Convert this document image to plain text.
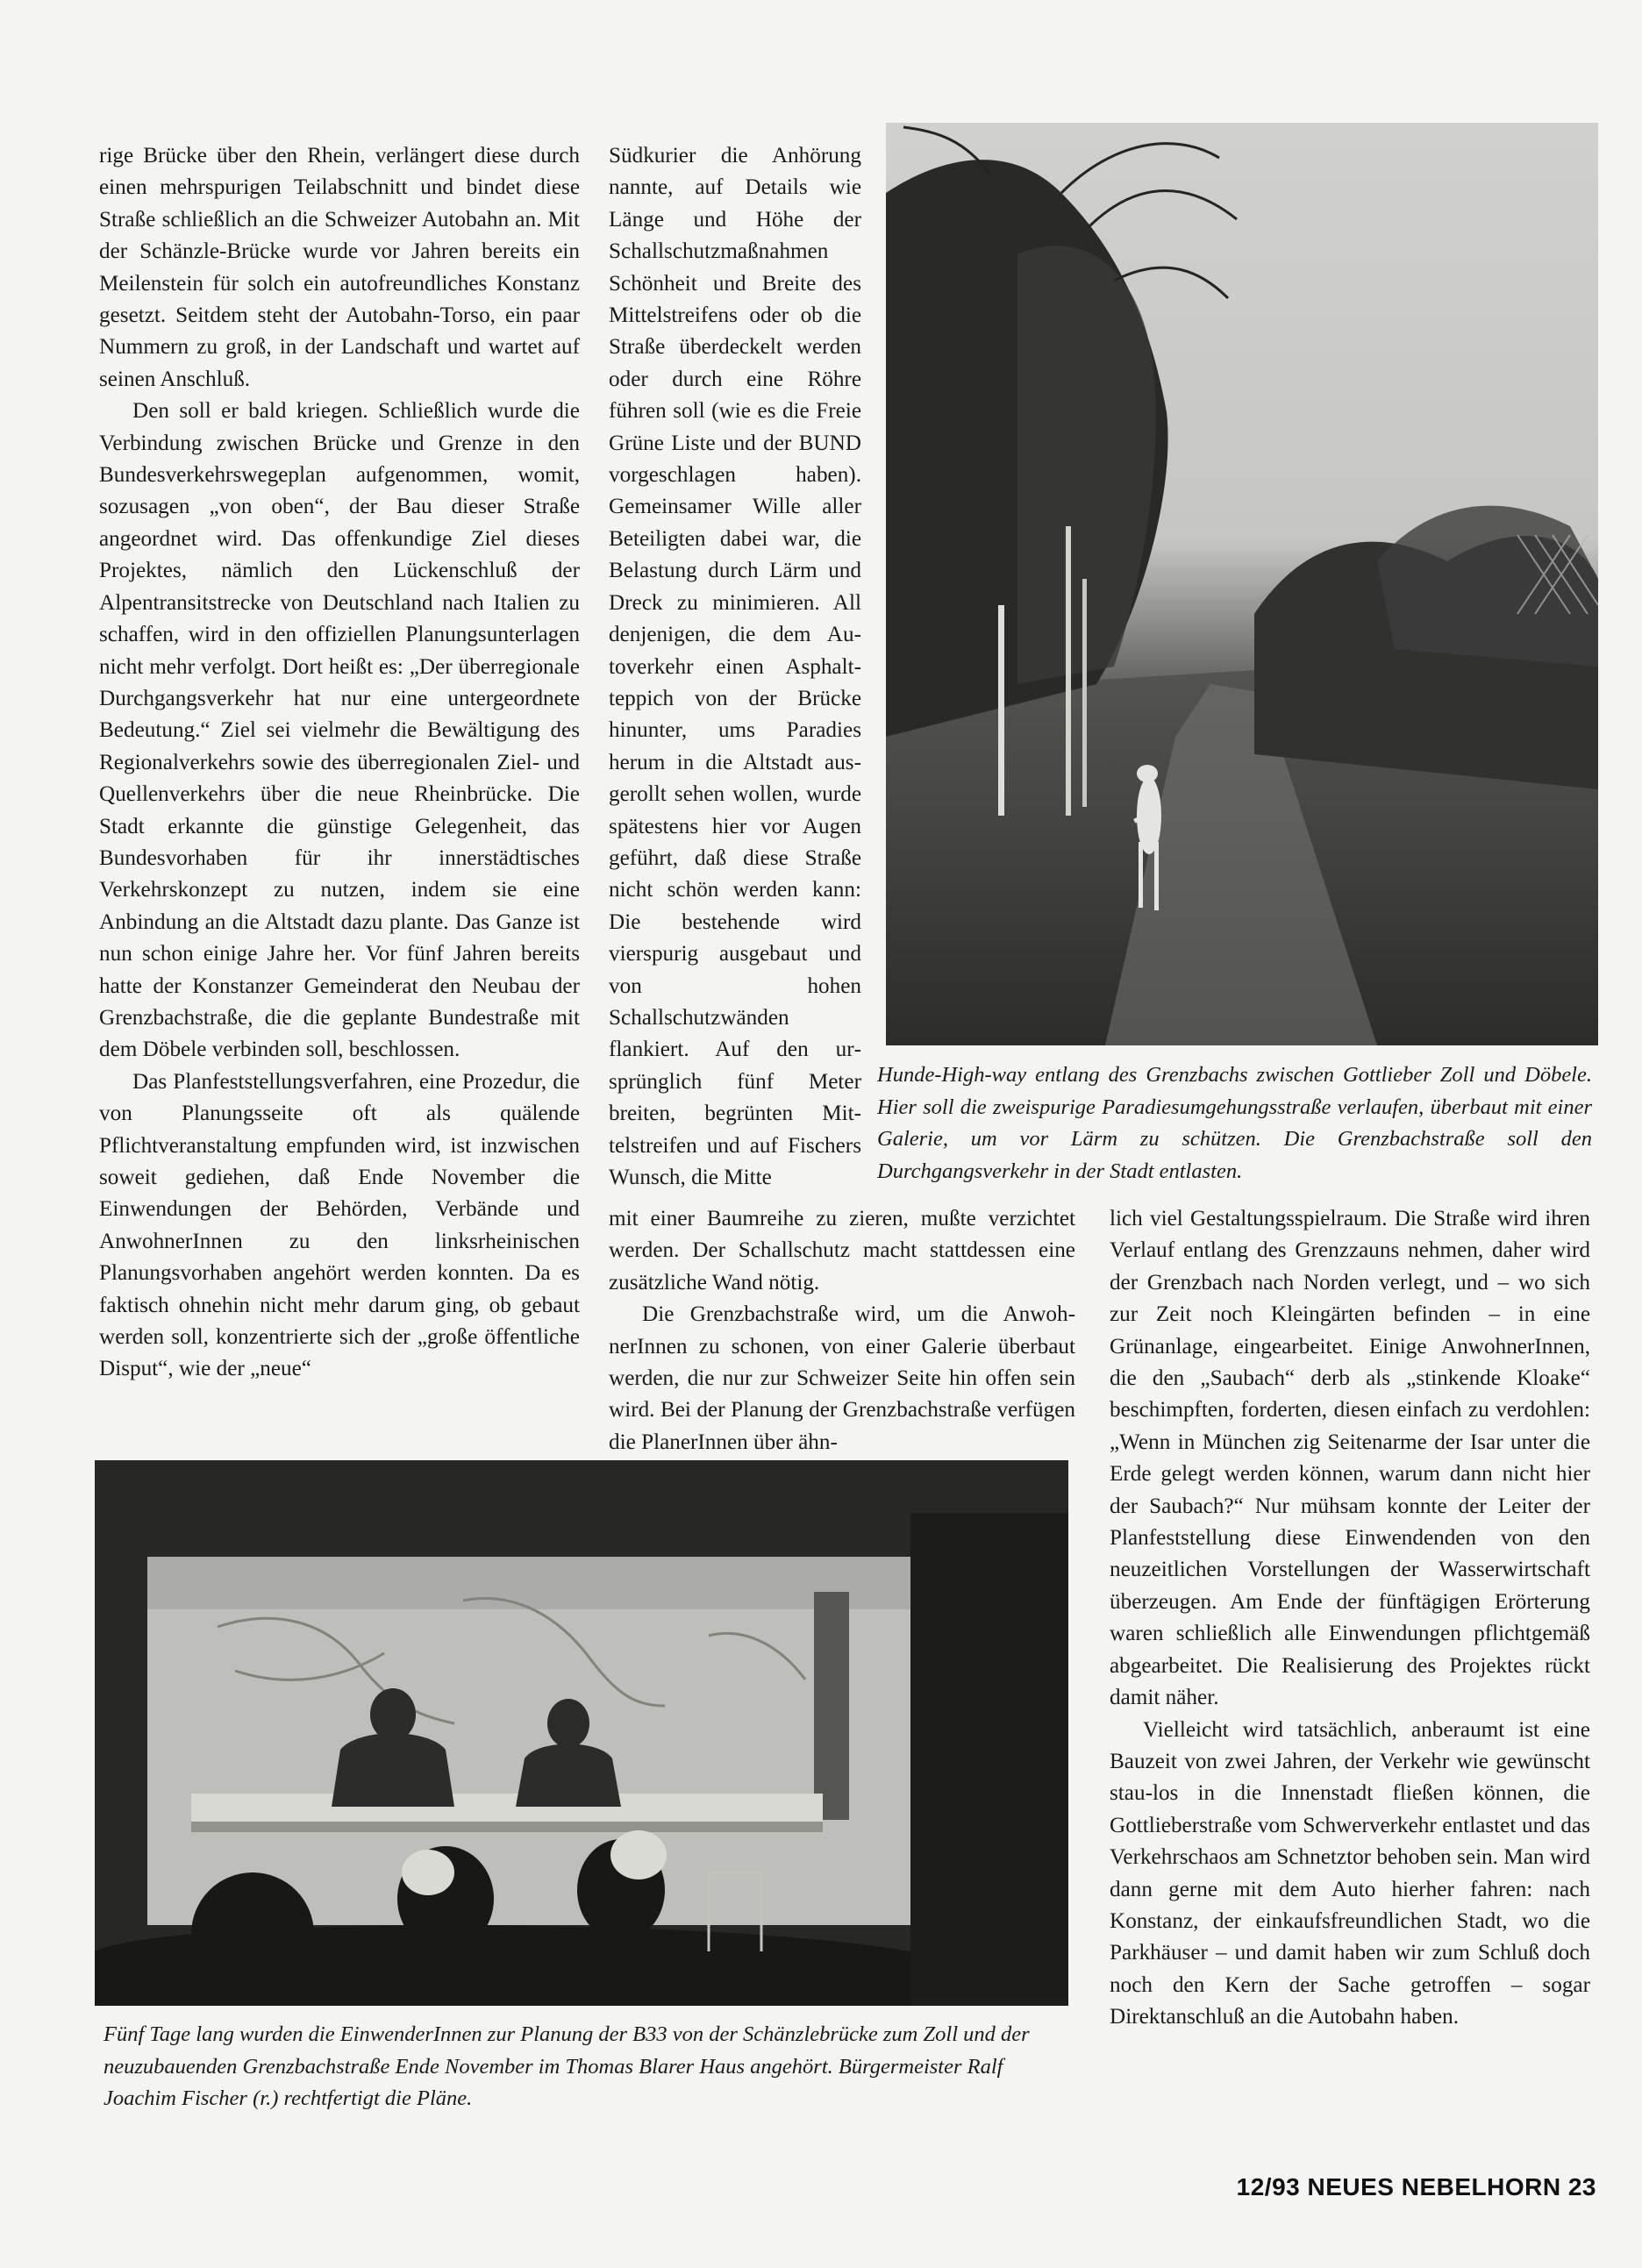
rige Brücke über den Rhein, verlängert diese durch einen mehrspurigen Teilabschnitt und bindet diese Straße schließlich an die Schweizer Autobahn an. Mit der Schänzle-Brücke wurde vor Jahren bereits ein Meilenstein für solch ein autofreundliches Konstanz gesetzt. Seitdem steht der Autobahn-Torso, ein paar Nummern zu groß, in der Landschaft und wartet auf seinen Anschluß.

Den soll er bald kriegen. Schließlich wurde die Verbindung zwischen Brücke und Grenze in den Bundesverkehrswegeplan aufgenommen, womit, sozusagen „von oben“, der Bau dieser Straße angeordnet wird. Das offenkundige Ziel dieses Projektes, nämlich den Lückenschluß der Alpentransitstrecke von Deutschland nach Italien zu schaffen, wird in den offiziellen Planungsunterlagen nicht mehr verfolgt. Dort heißt es: „Der überregionale Durchgangsverkehr hat nur eine untergeordnete Bedeutung.“ Ziel sei vielmehr die Bewältigung des Regionalverkehrs sowie des überregionalen Ziel- und Quellenverkehrs über die neue Rheinbrücke. Die Stadt erkannte die günstige Gelegenheit, das Bundesvorhaben für ihr innerstädtisches Verkehrskonzept zu nutzen, indem sie eine Anbindung an die Altstadt dazu plante. Das Ganze ist nun schon einige Jahre her. Vor fünf Jahren bereits hatte der Konstanzer Gemeinderat den Neubau der Grenzbachstraße, die die geplante Bundestraße mit dem Döbele verbinden soll, beschlossen.

Das Planfeststellungsverfahren, eine Prozedur, die von Planungsseite oft als quälende Pflichtveranstaltung empfunden wird, ist inzwischen soweit gediehen, daß Ende November die Einwendungen der Behörden, Verbände und AnwohnerInnen zu den linksrheinischen Planungsvorhaben angehört werden konnten. Da es faktisch ohnehin nicht mehr darum ging, ob gebaut werden soll, konzentrierte sich der „große öffentliche Disput“, wie der „neue“

Südkurier die Anhörung nannte, auf Details wie Länge und Höhe der Schallschutzmaßnahmen Schönheit und Breite des Mittelstreifens oder ob die Straße überdeckelt werden oder durch eine Röhre führen soll (wie es die Freie Grüne Liste und der BUND vorgeschlagen haben). Gemeinsamer Wille aller Beteiligten dabei war, die Belastung durch Lärm und Dreck zu minimieren. All denjenigen, die dem Autoverkehr einen Asphaltteppich von der Brücke hinunter, ums Paradies herum in die Altstadt ausgerollt sehen wollen, wurde spätestens hier vor Augen geführt, daß diese Straße nicht schön werden kann: Die bestehende wird vierspurig ausgebaut und von hohen Schallschutzwänden flankiert. Auf den ursprünglich fünf Meter breiten, begrünten Mittelstreifen und auf Fischers Wunsch, die Mitte

mit einer Baumreihe zu zieren, mußte verzichtet werden. Der Schallschutz macht stattdessen eine zusätzliche Wand nötig.

Die Grenzbachstraße wird, um die AnwohnerInnen zu schonen, von einer Galerie überbaut werden, die nur zur Schweizer Seite hin offen sein wird. Bei der Planung der Grenzbachstraße verfügen die PlanerInnen über ähn-

lich viel Gestaltungsspielraum. Die Straße wird ihren Verlauf entlang des Grenzzauns nehmen, daher wird der Grenzbach nach Norden verlegt, und – wo sich zur Zeit noch Kleingärten befinden – in eine Grünanlage, eingearbeitet. Einige AnwohnerInnen, die den „Saubach“ derb als „stinkende Kloake“ beschimpften, forderten, diesen einfach zu verdohlen: „Wenn in München zig Seitenarme der Isar unter die Erde gelegt werden können, warum dann nicht hier der Saubach?“ Nur mühsam konnte der Leiter der Planfeststellung diese Einwendenden von den neuzeitlichen Vorstellungen der Wasserwirtschaft überzeugen. Am Ende der fünftägigen Erörterung waren schließlich alle Einwendungen pflichtgemäß abgearbeitet. Die Realisierung des Projektes rückt damit näher.

Vielleicht wird tatsächlich, anberaumt ist eine Bauzeit von zwei Jahren, der Verkehr wie gewünscht stau-los in die Innenstadt fließen können, die Gottlieberstraße vom Schwerverkehr entlastet und das Verkehrschaos am Schnetztor behoben sein. Man wird dann gerne mit dem Auto hierher fahren: nach Konstanz, der einkaufsfreundlichen Stadt, wo die Parkhäuser – und damit haben wir zum Schluß doch noch den Kern der Sache getroffen – sogar Direktanschluß an die Autobahn haben.

Hunde-High-way entlang des Grenzbachs zwischen Gottlieber Zoll und Döbele. Hier soll die zweispurige Paradiesumgehungsstraße verlaufen, überbaut mit einer Galerie, um vor Lärm zu schützen. Die Grenzbachstraße soll den Durchgangsverkehr in der Stadt entlasten.
Fünf Tage lang wurden die EinwenderInnen zur Planung der B33 von der Schänzlebrücke zum Zoll und der neuzubauenden Grenzbachstraße Ende November im Thomas Blarer Haus angehört. Bürgermeister Ralf Joachim Fischer (r.) rechtfertigt die Pläne.
12/93 NEUES NEBELHORN 23
